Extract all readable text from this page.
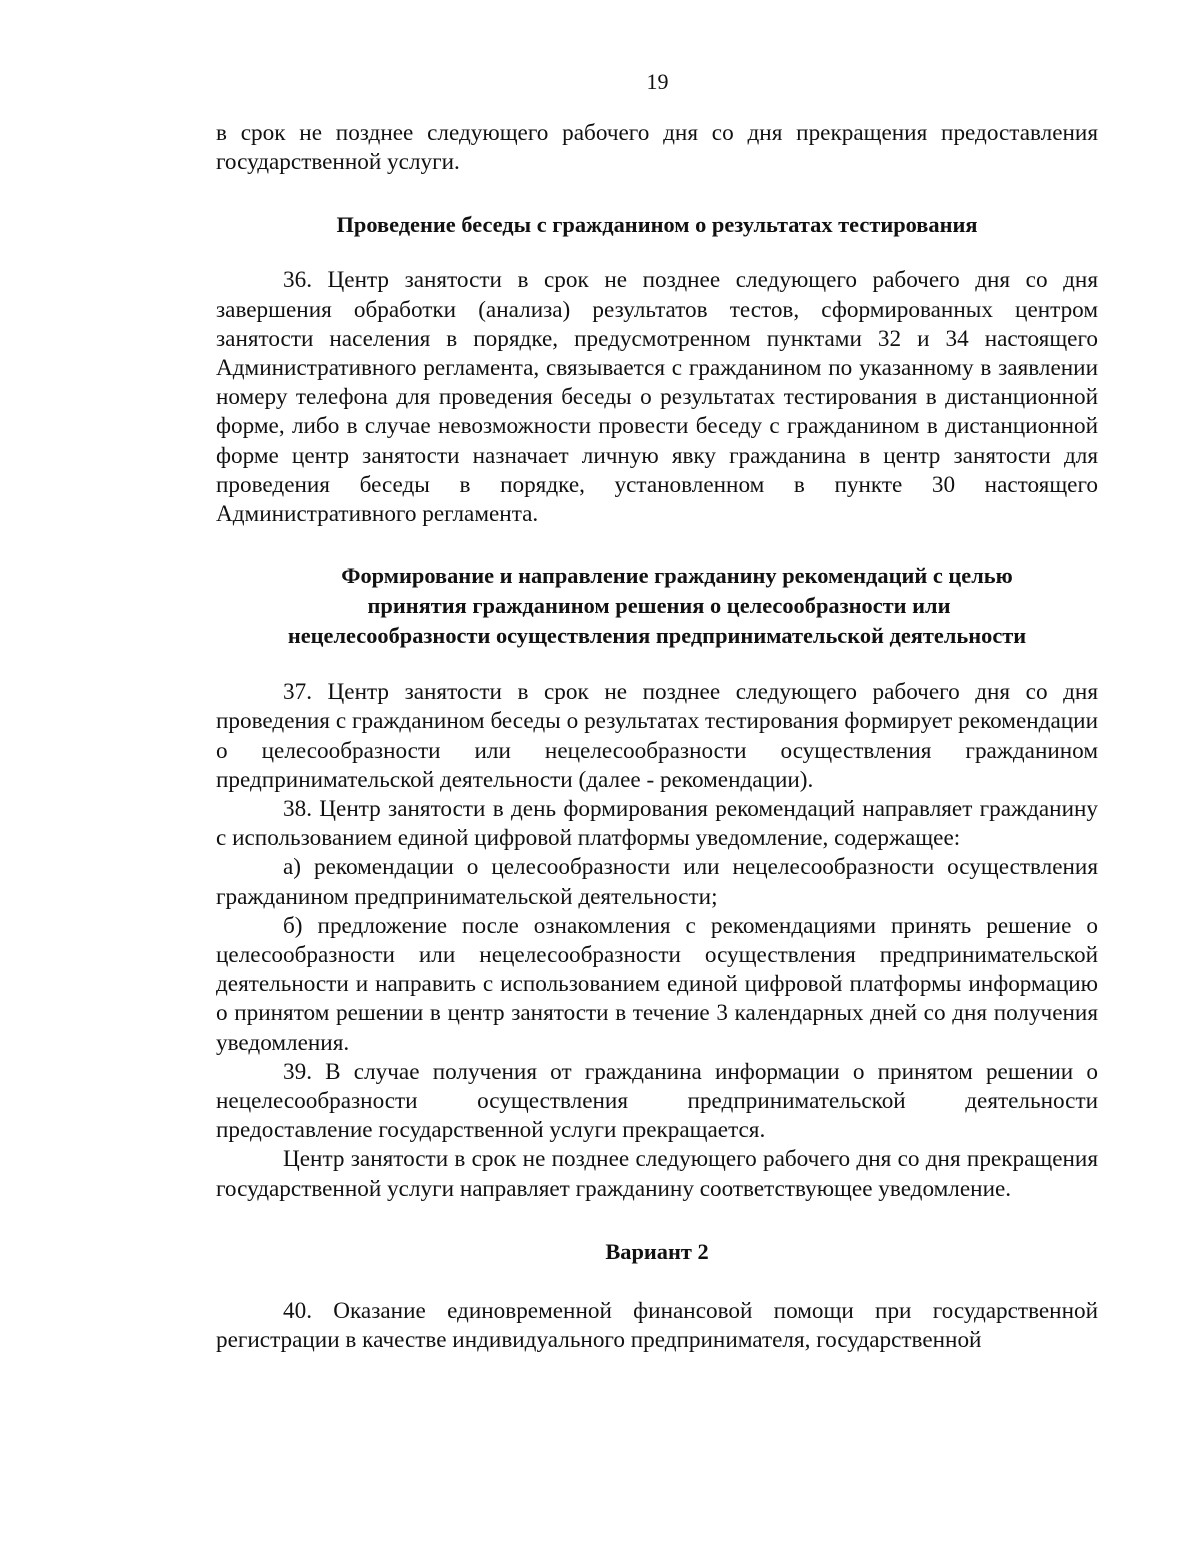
19

в срок не позднее следующего рабочего дня со дня прекращения предоставления государственной услуги.

Проведение беседы с гражданином о результатах тестирования

36. Центр занятости в срок не позднее следующего рабочего дня со дня завершения обработки (анализа) результатов тестов, сформированных центром занятости населения в порядке, предусмотренном пунктами 32 и 34 настоящего Административного регламента, связывается с гражданином по указанному в заявлении номеру телефона для проведения беседы о результатах тестирования в дистанционной форме, либо в случае невозможности провести беседу с гражданином в дистанционной форме центр занятости назначает личную явку гражданина в центр занятости для проведения беседы в порядке, установленном в пункте 30 настоящего Административного регламента.

Формирование и направление гражданину рекомендаций с целью
принятия гражданином решения о целесообразности или
нецелесообразности осуществления предпринимательской деятельности

37. Центр занятости в срок не позднее следующего рабочего дня со дня проведения с гражданином беседы о результатах тестирования формирует рекомендации о целесообразности или нецелесообразности осуществления гражданином предпринимательской деятельности (далее - рекомендации).

38. Центр занятости в день формирования рекомендаций направляет гражданину с использованием единой цифровой платформы уведомление, содержащее:

а) рекомендации о целесообразности или нецелесообразности осуществления гражданином предпринимательской деятельности;

б) предложение после ознакомления с рекомендациями принять решение о целесообразности или нецелесообразности осуществления предпринимательской деятельности и направить с использованием единой цифровой платформы информацию о принятом решении в центр занятости в течение 3 календарных дней со дня получения уведомления.

39. В случае получения от гражданина информации о принятом решении о нецелесообразности осуществления предпринимательской деятельности предоставление государственной услуги прекращается.

Центр занятости в срок не позднее следующего рабочего дня со дня прекращения государственной услуги направляет гражданину соответствующее уведомление.

Вариант 2

40. Оказание единовременной финансовой помощи при государственной регистрации в качестве индивидуального предпринимателя, государственной
